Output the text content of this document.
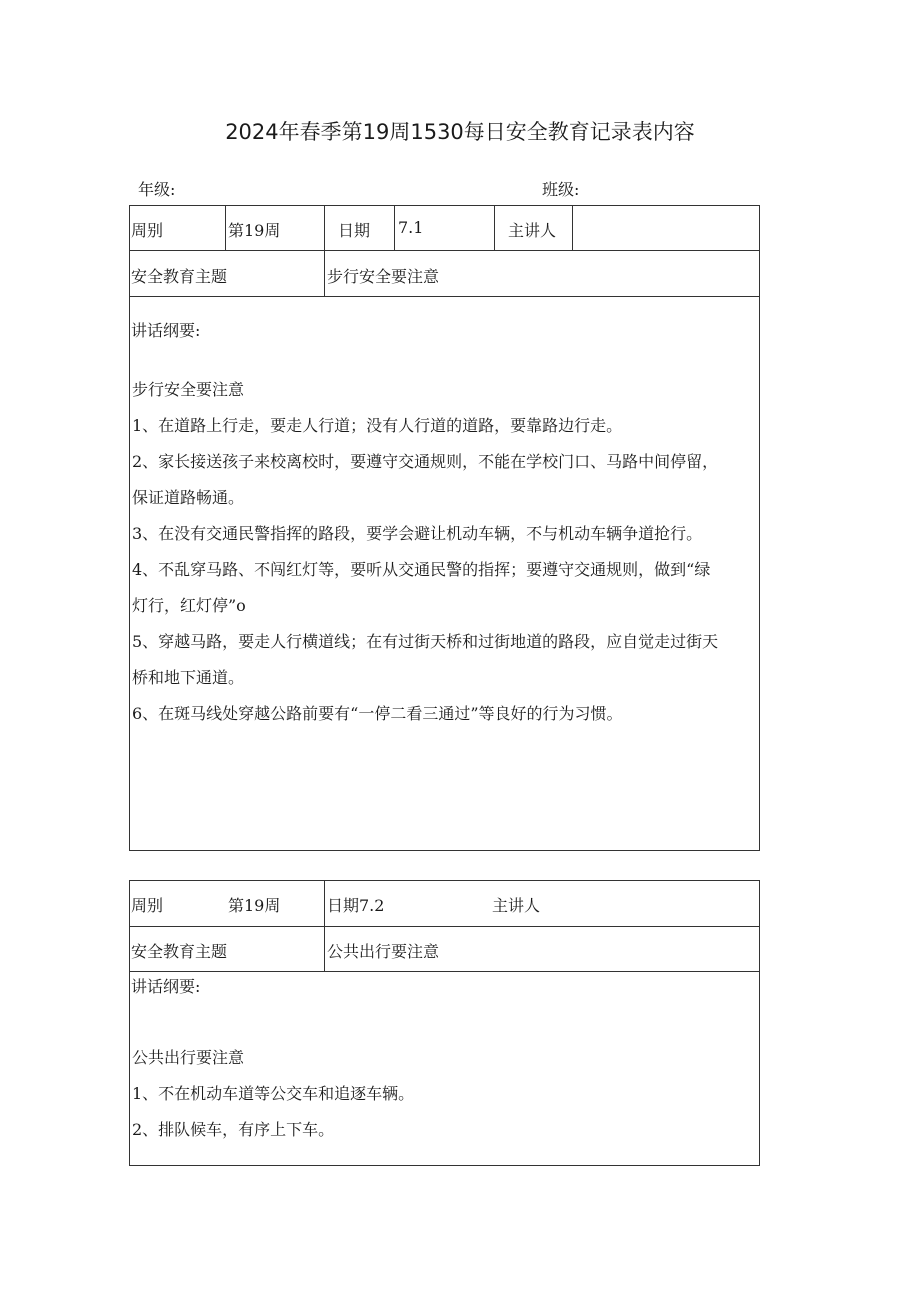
2024年春季第19周1530每日安全教育记录表内容
年级:	班级:
周别	第19周	日期 7.1	主讲人
安全教育主题	步行安全要注意
讲话纲要:
步行安全要注意
1、在道路上行走，要走人行道；没有人行道的道路，要靠路边行走。
2、家长接送孩子来校离校时，要遵守交通规则，不能在学校门口、马路中间停留，
保证道路畅通。
3、在没有交通民警指挥的路段，要学会避让机动车辆，不与机动车辆争道抢行。
4、不乱穿马路、不闯红灯等，要听从交通民警的指挥；要遵守交通规则，做到“绿
灯行，红灯停”o
5、穿越马路，要走人行横道线；在有过街天桥和过街地道的路段，应自觉走过街天
桥和地下通道。
6、在斑马线处穿越公路前要有“一停二看三通过”等良好的行为习惯。
周别	第19周	日期7.2	主讲人
安全教育主题	公共出行要注意
讲话纲要:
公共出行要注意
1、不在机动车道等公交车和追逐车辆。
2、排队候车，有序上下车。
